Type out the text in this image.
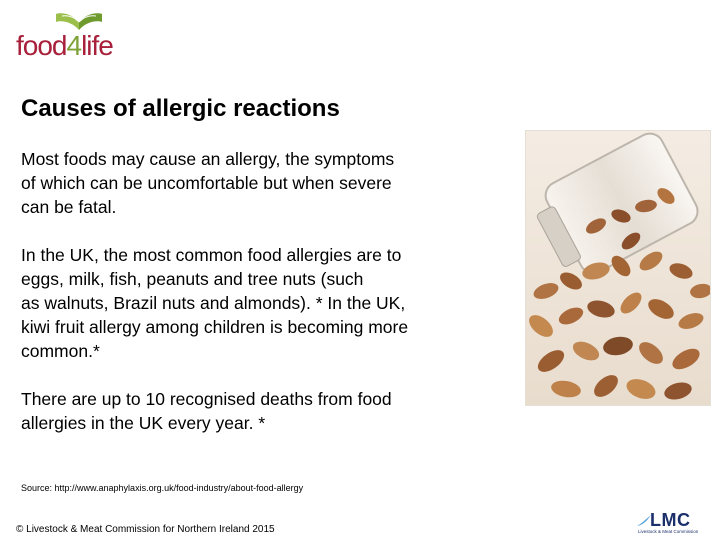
food4life
Causes of allergic reactions

Most foods may cause an allergy, the symptoms
of which can be uncomfortable but when severe
can be fatal.

In the UK, the most common food allergies are to
eggs, milk, fish, peanuts and tree nuts (such
as walnuts, Brazil nuts and almonds). * In the UK,
kiwi fruit allergy among children is becoming more
common.*

There are up to 10 recognised deaths from food
allergies in the UK every year. *

Source: http://www.anaphylaxis.org.uk/food-industry/about-food-allergy
© Livestock & Meat Commission for Northern Ireland 2015	LMC
Livestock & Meat Commission
